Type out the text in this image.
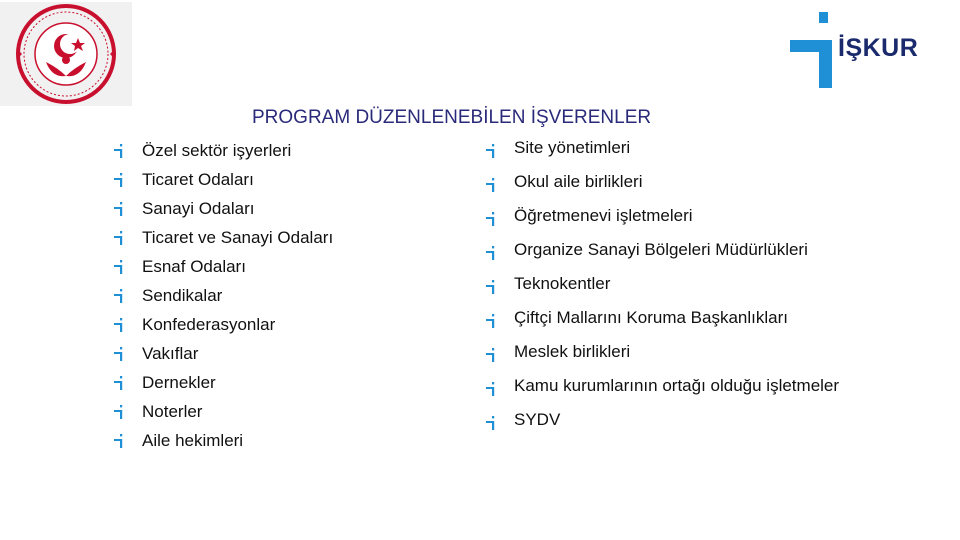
İŞKUR
PROGRAM DÜZENLENEBİLEN İŞVERENLER
Özel sektör işyerleri
Ticaret Odaları
Sanayi Odaları
Ticaret ve Sanayi Odaları
Esnaf Odaları
Sendikalar
Konfederasyonlar
Vakıflar
Dernekler
Noterler
Aile hekimleri
Site yönetimleri
Okul aile birlikleri
Öğretmenevi işletmeleri
Organize Sanayi Bölgeleri Müdürlükleri
Teknokentler
Çiftçi Mallarını Koruma Başkanlıkları
Meslek birlikleri
Kamu kurumlarının ortağı olduğu işletmeler
SYDV
